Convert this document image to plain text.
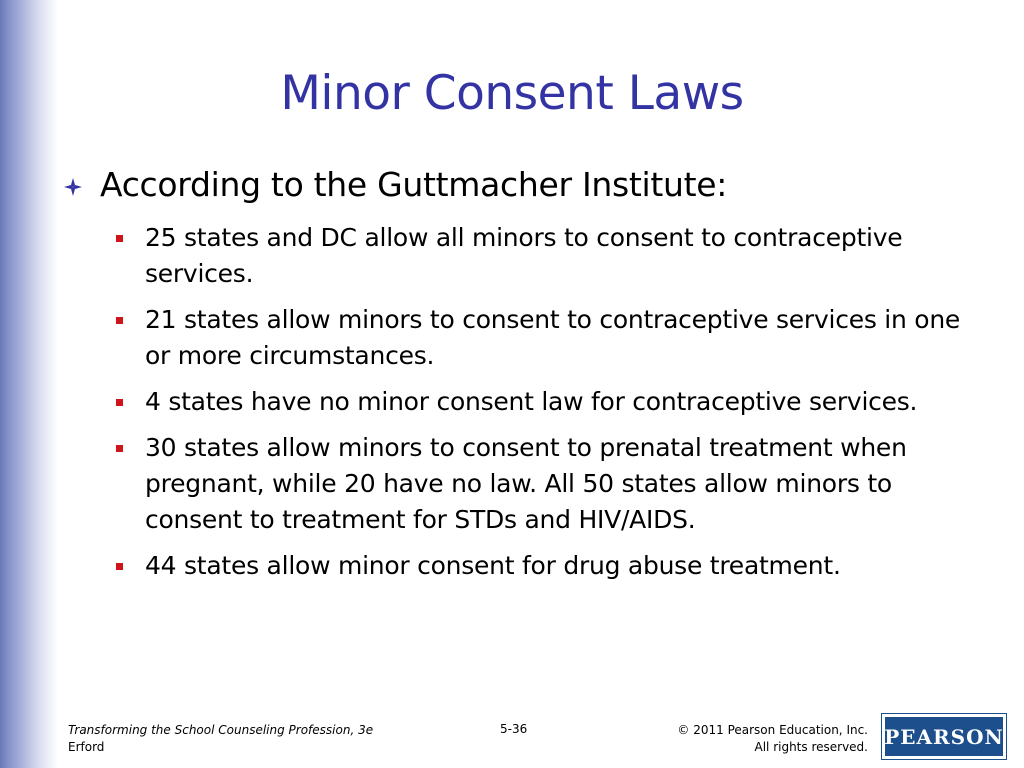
Minor Consent Laws
According to the Guttmacher Institute:
25 states and DC allow all minors to consent to contraceptive services.
21 states allow minors to consent to contraceptive services in one or more circumstances.
4 states have no minor consent law for contraceptive services.
30 states allow minors to consent to prenatal treatment when pregnant, while 20 have no law. All 50 states allow minors to consent to treatment for STDs and HIV/AIDS.
44 states allow minor consent for drug abuse treatment.
Transforming the School Counseling Profession, 3e
Erford
5-36	© 2011 Pearson Education, Inc.
All rights reserved. PEARSON
